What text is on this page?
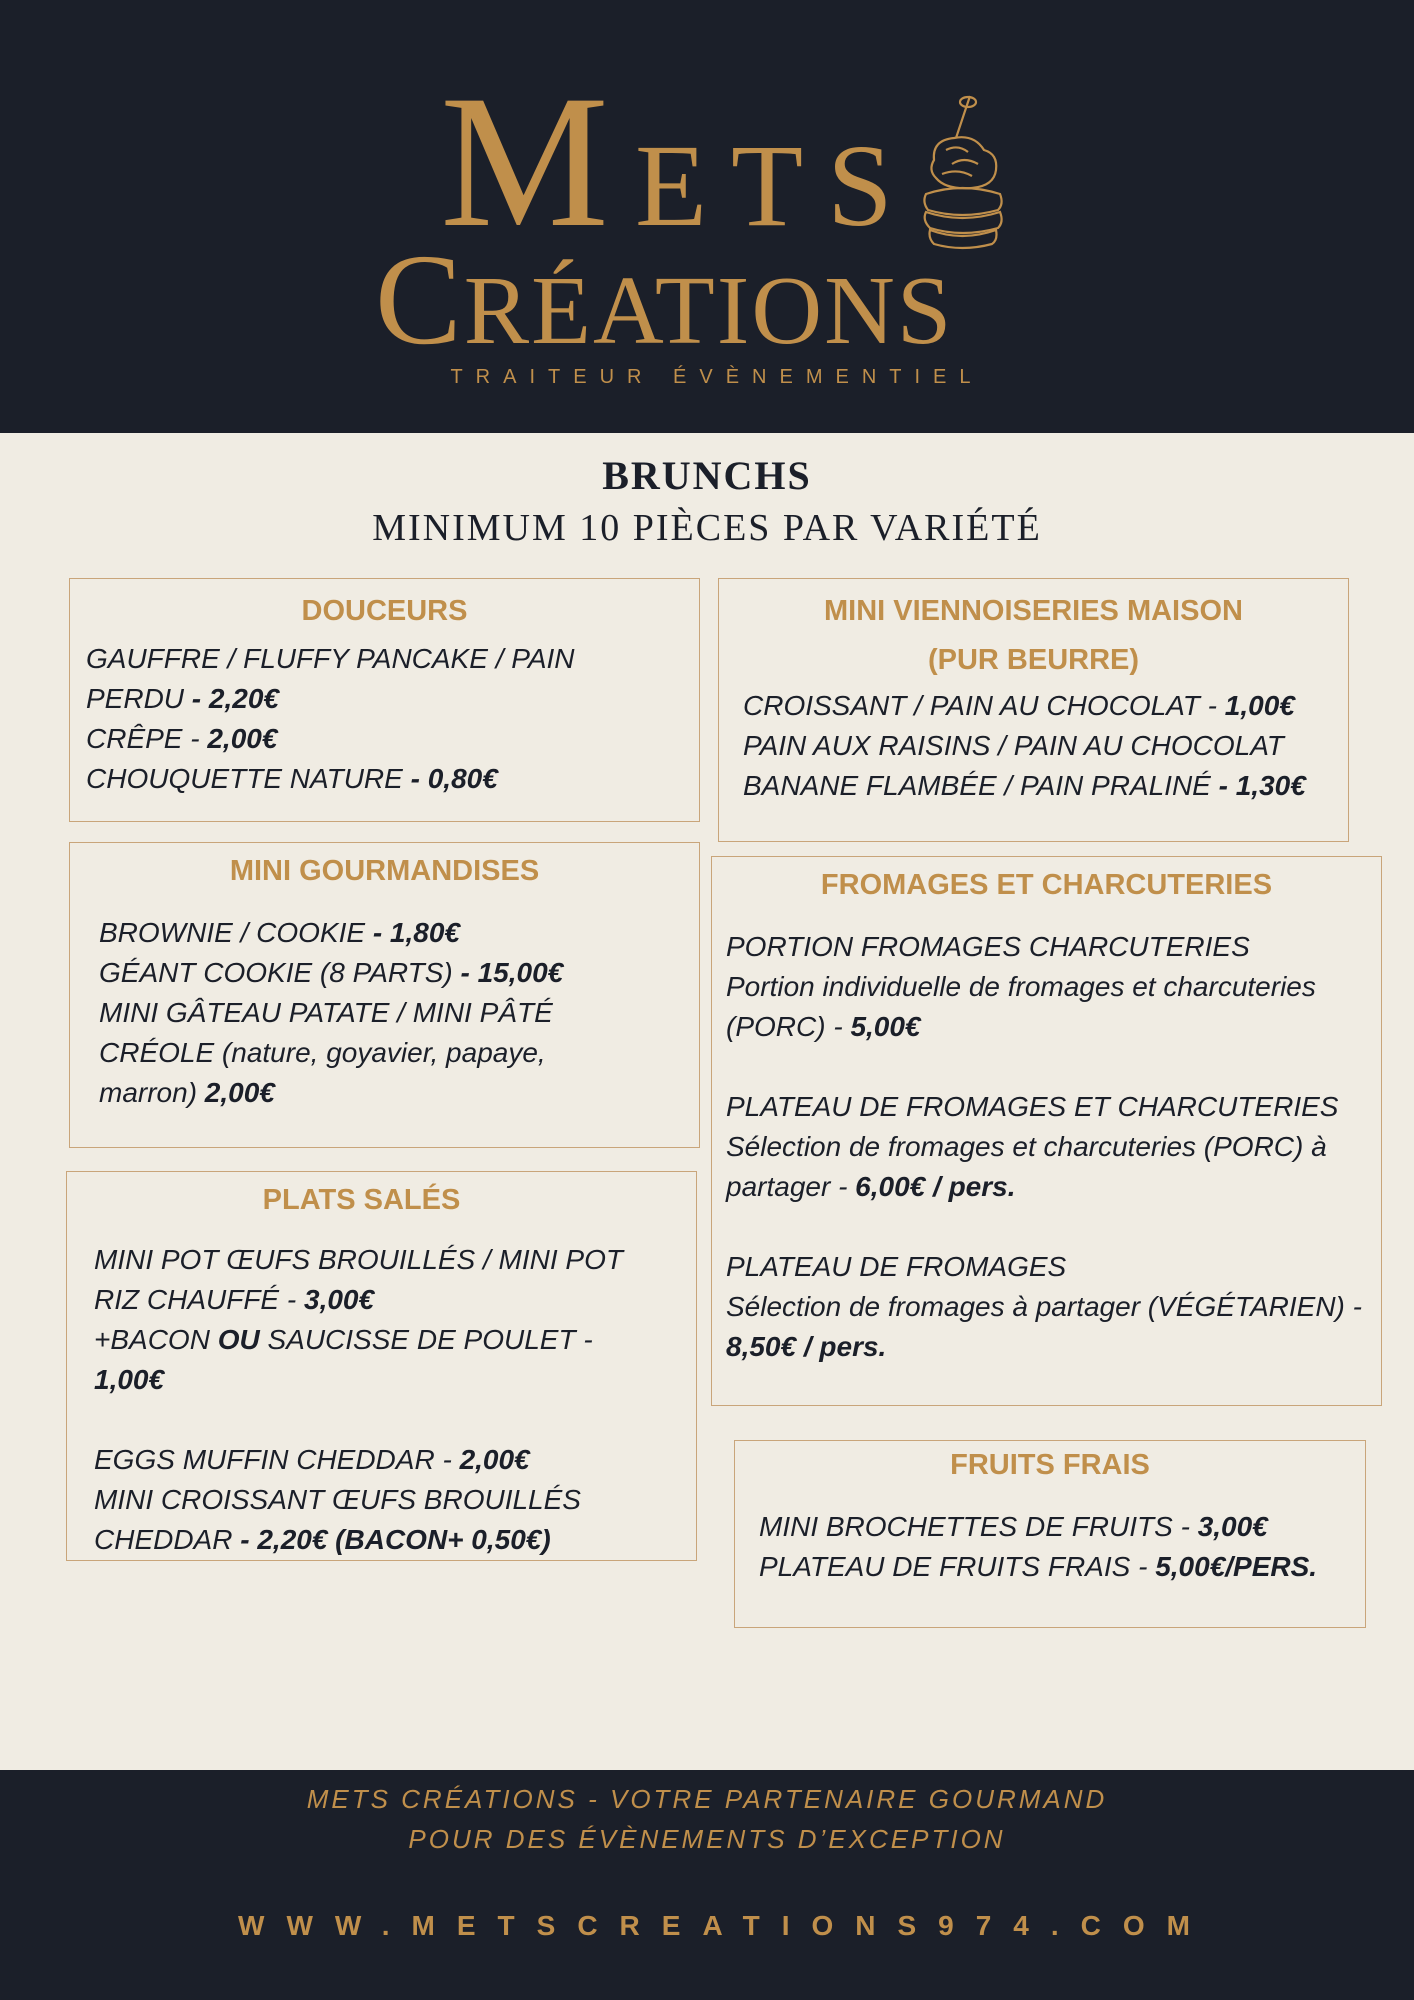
METS
CRÉATIONS
TRAITEUR ÉVÈNEMENTIEL
BRUNCHS
MINIMUM 10 PIÈCES PAR VARIÉTÉ
DOUCEURS
GAUFFRE / FLUFFY PANCAKE / PAIN
PERDU - 2,20€
CRÊPE - 2,00€
CHOUQUETTE NATURE - 0,80€
MINI VIENNOISERIES MAISON
(PUR BEURRE)
CROISSANT / PAIN AU CHOCOLAT - 1,00€
PAIN AUX RAISINS / PAIN AU CHOCOLAT
BANANE FLAMBÉE / PAIN PRALINÉ - 1,30€
MINI GOURMANDISES
BROWNIE / COOKIE - 1,80€
GÉANT COOKIE (8 PARTS) - 15,00€
MINI GÂTEAU PATATE / MINI PÂTÉ
CRÉOLE (nature, goyavier, papaye,
marron) 2,00€
FROMAGES ET CHARCUTERIES
PORTION FROMAGES CHARCUTERIES
Portion individuelle de fromages et charcuteries
(PORC) - 5,00€
PLATEAU DE FROMAGES ET CHARCUTERIES
Sélection de fromages et charcuteries (PORC) à
partager - 6,00€ / pers.
PLATEAU DE FROMAGES
Sélection de fromages à partager (VÉGÉTARIEN) -
8,50€ / pers.
PLATS SALÉS
MINI POT ŒUFS BROUILLÉS / MINI POT
RIZ CHAUFFÉ - 3,00€
+BACON OU SAUCISSE DE POULET -
1,00€
EGGS MUFFIN CHEDDAR - 2,00€
MINI CROISSANT ŒUFS BROUILLÉS
CHEDDAR - 2,20€ (BACON+ 0,50€)
FRUITS FRAIS
MINI BROCHETTES DE FRUITS - 3,00€
PLATEAU DE FRUITS FRAIS - 5,00€/PERS.
METS CRÉATIONS - VOTRE PARTENAIRE GOURMAND
POUR DES ÉVÈNEMENTS D’EXCEPTION
WWW.METSCREATIONS974.COM
